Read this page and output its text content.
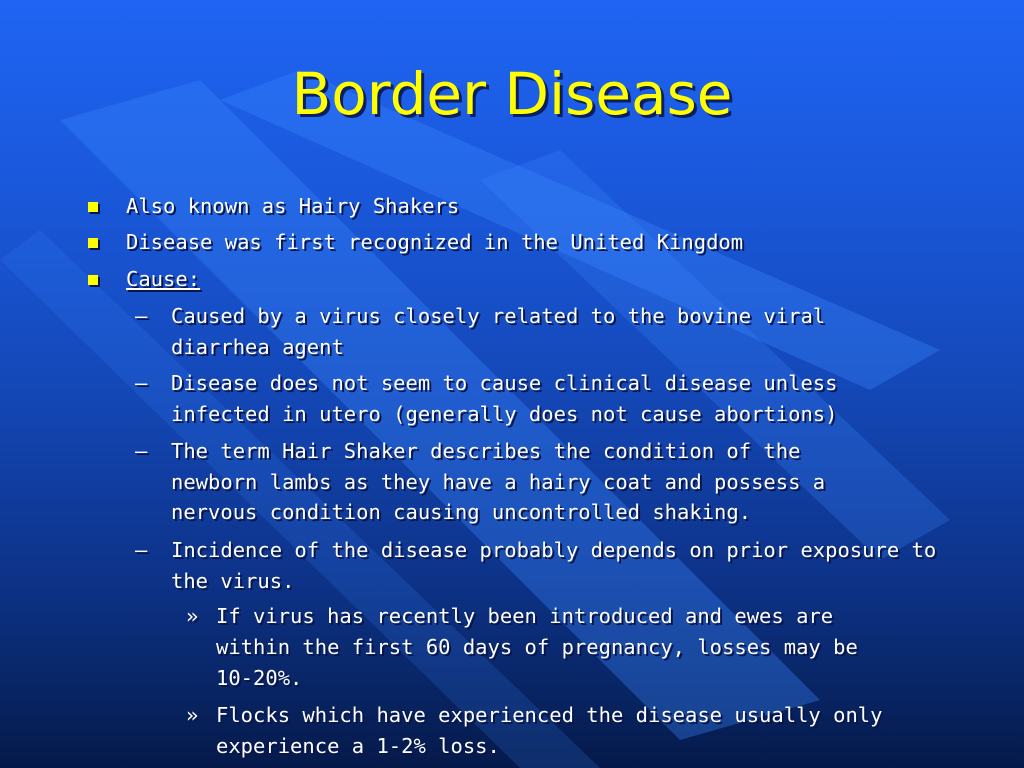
Border Disease
Also known as Hairy Shakers
Disease was first recognized in the United Kingdom
Cause:
– Caused by a virus closely related to the bovine viral diarrhea agent
– Disease does not seem to cause clinical disease unless infected in utero (generally does not cause abortions)
– The term Hair Shaker describes the condition of the newborn lambs as they have a hairy coat and possess a nervous condition causing uncontrolled shaking.
– Incidence of the disease probably depends on prior exposure to the virus.
» If virus has recently been introduced and ewes are within the first 60 days of pregnancy, losses may be 10-20%.
» Flocks which have experienced the disease usually only experience a 1-2% loss.
